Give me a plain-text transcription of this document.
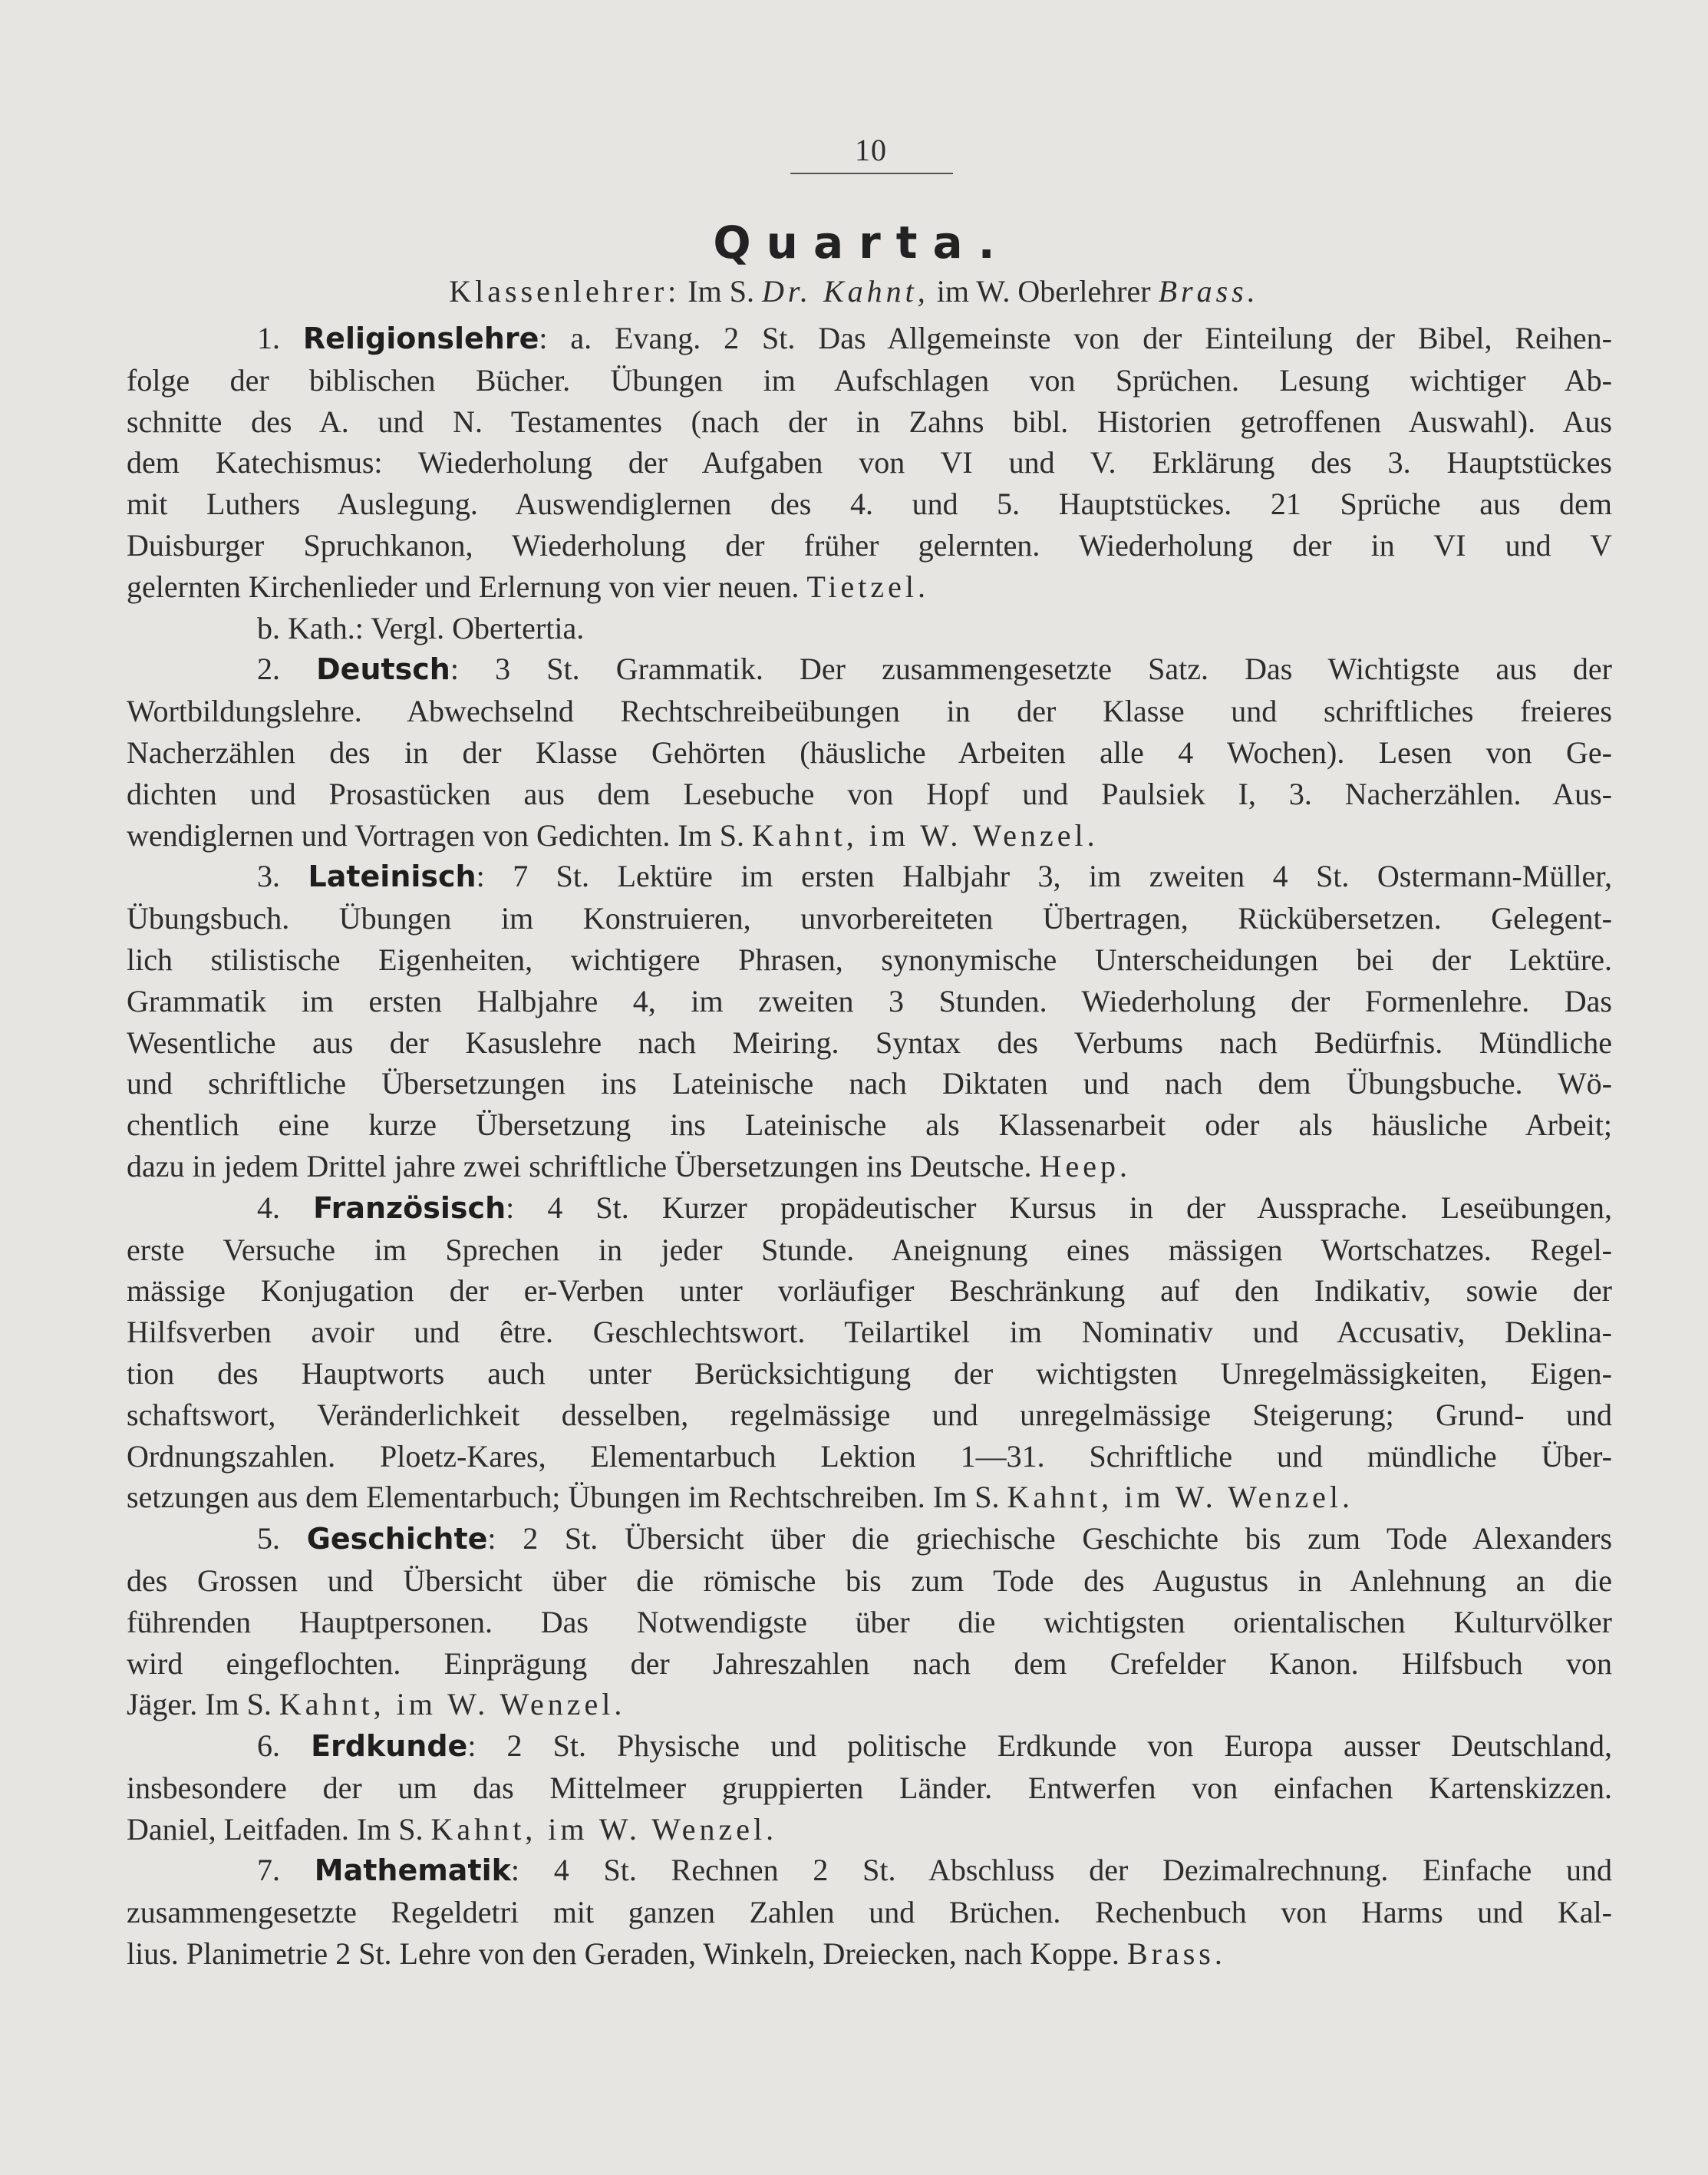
10
Quarta.
Klassenlehrer: Im S. Dr. Kahnt, im W. Oberlehrer Brass.
1. Religionslehre: a. Evang. 2 St. Das Allgemeinste von der Einteilung der Bibel, Reihen-
folge der biblischen Bücher. Übungen im Aufschlagen von Sprüchen. Lesung wichtiger Ab-
schnitte des A. und N. Testamentes (nach der in Zahns bibl. Historien getroffenen Auswahl). Aus
dem Katechismus: Wiederholung der Aufgaben von VI und V. Erklärung des 3. Hauptstückes
mit Luthers Auslegung. Auswendiglernen des 4. und 5. Hauptstückes. 21 Sprüche aus dem
Duisburger Spruchkanon, Wiederholung der früher gelernten. Wiederholung der in VI und V
gelernten Kirchenlieder und Erlernung von vier neuen. Tietzel.
b. Kath.: Vergl. Obertertia.
2. Deutsch: 3 St. Grammatik. Der zusammengesetzte Satz. Das Wichtigste aus der
Wortbildungslehre. Abwechselnd Rechtschreibeübungen in der Klasse und schriftliches freieres
Nacherzählen des in der Klasse Gehörten (häusliche Arbeiten alle 4 Wochen). Lesen von Ge-
dichten und Prosastücken aus dem Lesebuche von Hopf und Paulsiek I, 3. Nacherzählen. Aus-
wendiglernen und Vortragen von Gedichten. Im S. Kahnt, im W. Wenzel.
3. Lateinisch: 7 St. Lektüre im ersten Halbjahr 3, im zweiten 4 St. Ostermann-Müller,
Übungsbuch. Übungen im Konstruieren, unvorbereiteten Übertragen, Rückübersetzen. Gelegent-
lich stilistische Eigenheiten, wichtigere Phrasen, synonymische Unterscheidungen bei der Lektüre.
Grammatik im ersten Halbjahre 4, im zweiten 3 Stunden. Wiederholung der Formenlehre. Das
Wesentliche aus der Kasuslehre nach Meiring. Syntax des Verbums nach Bedürfnis. Mündliche
und schriftliche Übersetzungen ins Lateinische nach Diktaten und nach dem Übungsbuche. Wö-
chentlich eine kurze Übersetzung ins Lateinische als Klassenarbeit oder als häusliche Arbeit;
dazu in jedem Drittel jahre zwei schriftliche Übersetzungen ins Deutsche. Heep.
4. Französisch: 4 St. Kurzer propädeutischer Kursus in der Aussprache. Leseübungen,
erste Versuche im Sprechen in jeder Stunde. Aneignung eines mässigen Wortschatzes. Regel-
mässige Konjugation der er-Verben unter vorläufiger Beschränkung auf den Indikativ, sowie der
Hilfsverben avoir und être. Geschlechtswort. Teilartikel im Nominativ und Accusativ, Deklina-
tion des Hauptworts auch unter Berücksichtigung der wichtigsten Unregelmässigkeiten, Eigen-
schaftswort, Veränderlichkeit desselben, regelmässige und unregelmässige Steigerung; Grund- und
Ordnungszahlen. Ploetz-Kares, Elementarbuch Lektion 1—31. Schriftliche und mündliche Über-
setzungen aus dem Elementarbuch; Übungen im Rechtschreiben. Im S. Kahnt, im W. Wenzel.
5. Geschichte: 2 St. Übersicht über die griechische Geschichte bis zum Tode Alexanders
des Grossen und Übersicht über die römische bis zum Tode des Augustus in Anlehnung an die
führenden Hauptpersonen. Das Notwendigste über die wichtigsten orientalischen Kulturvölker
wird eingeflochten. Einprägung der Jahreszahlen nach dem Crefelder Kanon. Hilfsbuch von
Jäger. Im S. Kahnt, im W. Wenzel.
6. Erdkunde: 2 St. Physische und politische Erdkunde von Europa ausser Deutschland,
insbesondere der um das Mittelmeer gruppierten Länder. Entwerfen von einfachen Kartenskizzen.
Daniel, Leitfaden. Im S. Kahnt, im W. Wenzel.
7. Mathematik: 4 St. Rechnen 2 St. Abschluss der Dezimalrechnung. Einfache und
zusammengesetzte Regeldetri mit ganzen Zahlen und Brüchen. Rechenbuch von Harms und Kal-
lius. Planimetrie 2 St. Lehre von den Geraden, Winkeln, Dreiecken, nach Koppe. Brass.
